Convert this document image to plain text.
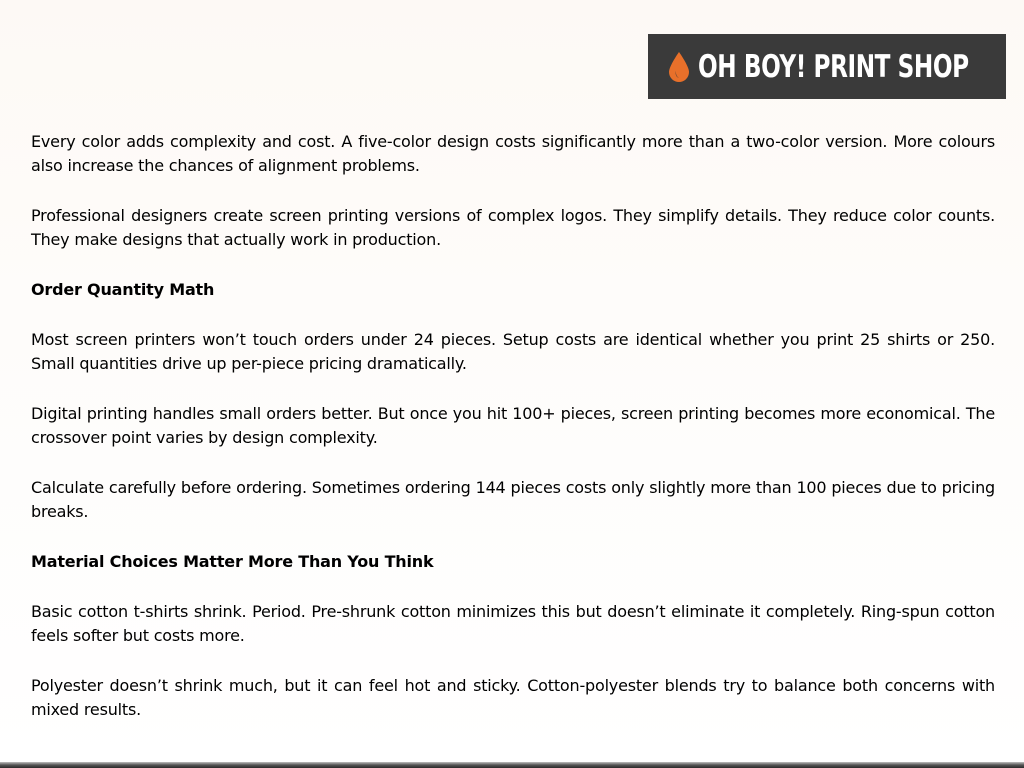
OH BOY! PRINT SHOP

Every color adds complexity and cost. A five-color design costs significantly more than a two-color version. More colours also increase the chances of alignment problems.

Professional designers create screen printing versions of complex logos. They simplify details. They reduce color counts. They make designs that actually work in production.

Order Quantity Math

Most screen printers won’t touch orders under 24 pieces. Setup costs are identical whether you print 25 shirts or 250. Small quantities drive up per-piece pricing dramatically.

Digital printing handles small orders better. But once you hit 100+ pieces, screen printing becomes more economical. The crossover point varies by design complexity.

Calculate carefully before ordering. Sometimes ordering 144 pieces costs only slightly more than 100 pieces due to pricing breaks.

Material Choices Matter More Than You Think

Basic cotton t-shirts shrink. Period. Pre-shrunk cotton minimizes this but doesn’t eliminate it completely. Ring-spun cotton feels softer but costs more.

Polyester doesn’t shrink much, but it can feel hot and sticky. Cotton-polyester blends try to balance both concerns with mixed results.
